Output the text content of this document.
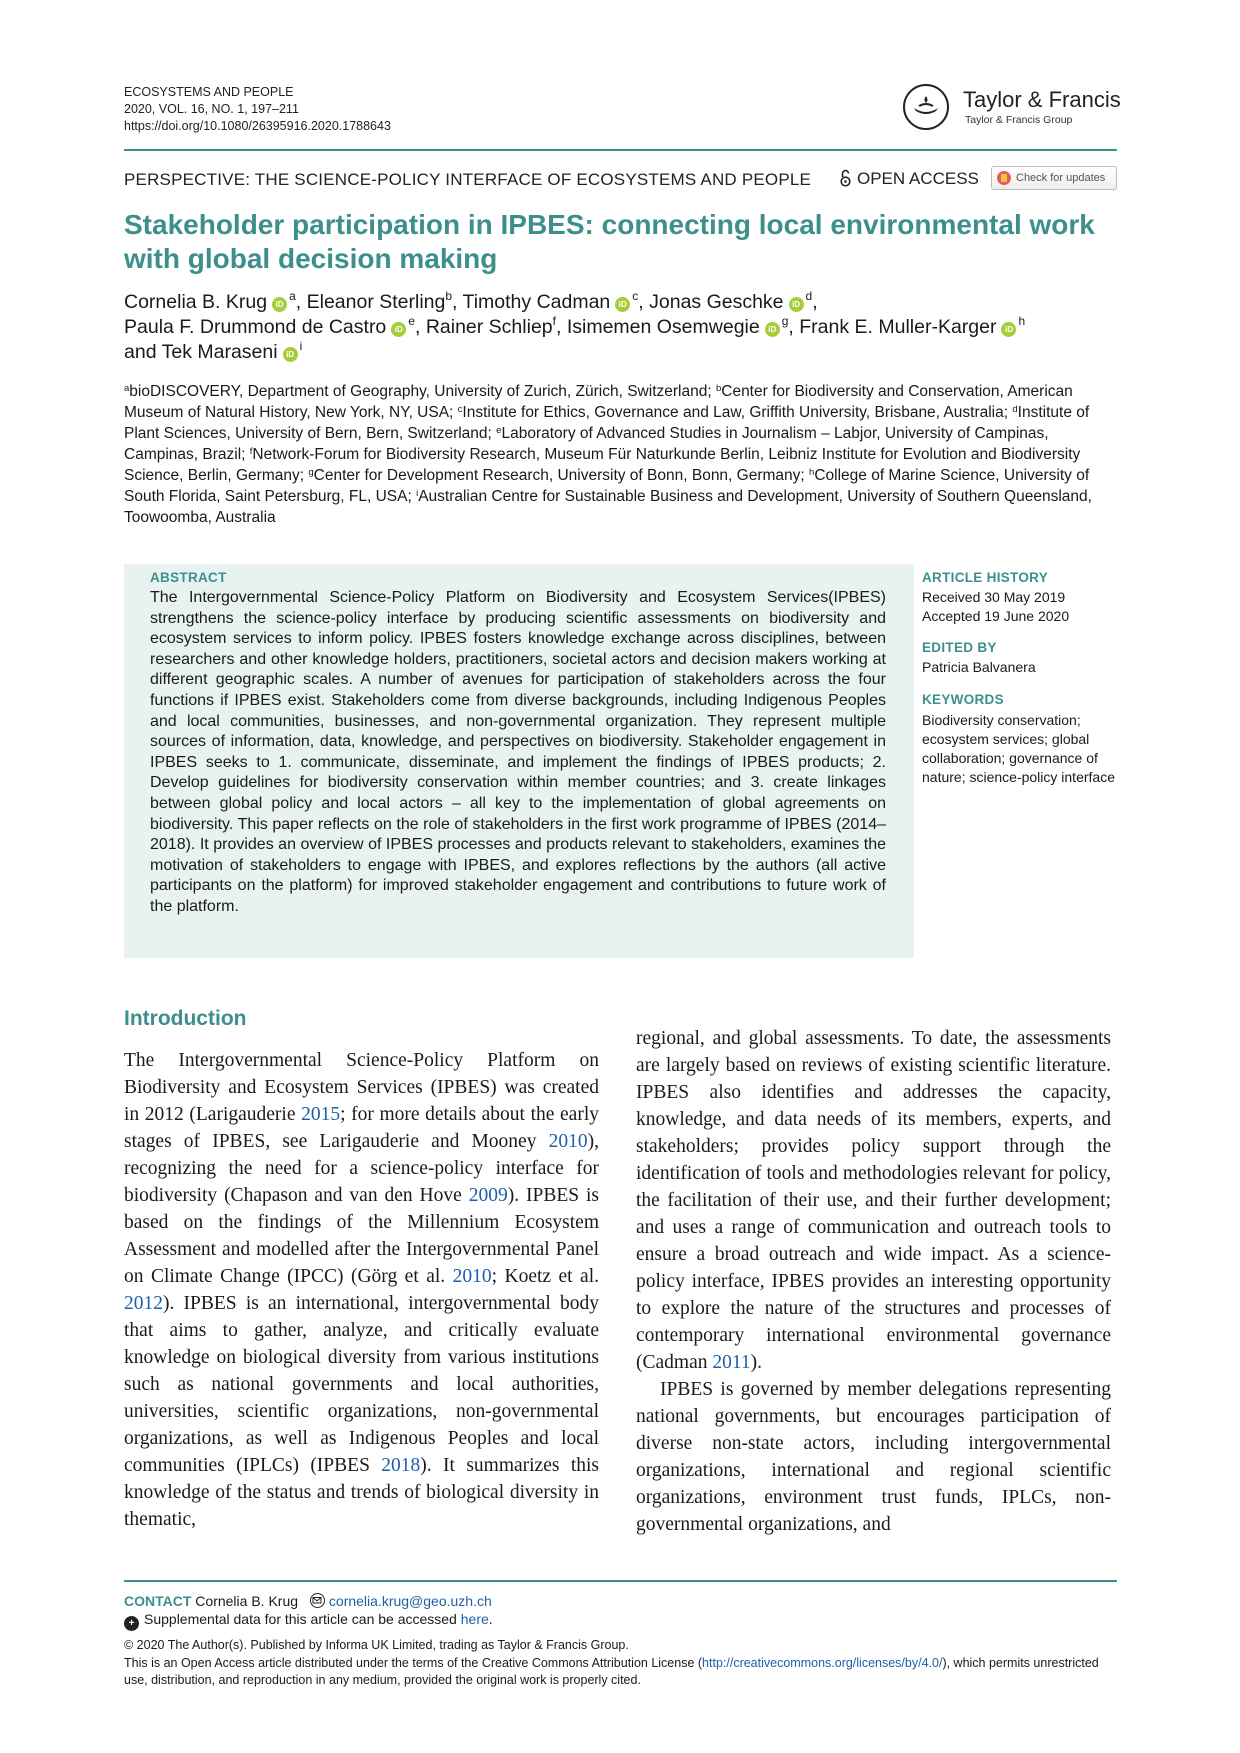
ECOSYSTEMS AND PEOPLE
2020, VOL. 16, NO. 1, 197–211
https://doi.org/10.1080/26395916.2020.1788643
Taylor & Francis
Taylor & Francis Group
PERSPECTIVE: THE SCIENCE-POLICY INTERFACE OF ECOSYSTEMS AND PEOPLE	OPEN ACCESS	Check for updates
Stakeholder participation in IPBES: connecting local environmental work with global decision making
Cornelia B. Krug $iD^a$, Eleanor Sterling$^b$, Timothy Cadman $iD^c$, Jonas Geschke $iD^d$,
Paula F. Drummond de Castro $iD^e$, Rainer Schliep$^f$, Isimemen Osemwegie $iD^g$, Frank E. Muller-Karger $iD^h$
and Tek Maraseni $iD^i$
$^a$bioDISCOVERY, Department of Geography, University of Zurich, Zürich, Switzerland; $^b$Center for Biodiversity and Conservation, American Museum of Natural History, New York, NY, USA; $^c$Institute for Ethics, Governance and Law, Griffith University, Brisbane, Australia; $^d$Institute of Plant Sciences, University of Bern, Bern, Switzerland; $^e$Laboratory of Advanced Studies in Journalism – Labjor, University of Campinas, Campinas, Brazil; $^f$Network-Forum for Biodiversity Research, Museum Für Naturkunde Berlin, Leibniz Institute for Evolution and Biodiversity Science, Berlin, Germany; $^g$Center for Development Research, University of Bonn, Bonn, Germany; $^h$College of Marine Science, University of South Florida, Saint Petersburg, FL, USA; $^i$Australian Centre for Sustainable Business and Development, University of Southern Queensland, Toowoomba, Australia
ABSTRACT
The Intergovernmental Science-Policy Platform on Biodiversity and Ecosystem Services(IPBES) strengthens the science-policy interface by producing scientific assessments on biodiversity and ecosystem services to inform policy. IPBES fosters knowledge exchange across disciplines, between researchers and other knowledge holders, practitioners, societal actors and decision makers working at different geographic scales. A number of avenues for participation of stakeholders across the four functions if IPBES exist. Stakeholders come from diverse backgrounds, including Indigenous Peoples and local communities, businesses, and non-governmental organization. They represent multiple sources of information, data, knowledge, and perspectives on biodiversity. Stakeholder engagement in IPBES seeks to 1. communicate, disseminate, and implement the findings of IPBES products; 2. Develop guidelines for biodiversity conservation within member countries; and 3. create linkages between global policy and local actors – all key to the implementation of global agreements on biodiversity. This paper reflects on the role of stakeholders in the first work programme of IPBES (2014–2018). It provides an overview of IPBES processes and products relevant to stakeholders, examines the motivation of stakeholders to engage with IPBES, and explores reflections by the authors (all active participants on the platform) for improved stakeholder engagement and contributions to future work of the platform.
ARTICLE HISTORY
Received 30 May 2019
Accepted 19 June 2020
EDITED BY
Patricia Balvanera
KEYWORDS
Biodiversity conservation; ecosystem services; global collaboration; governance of nature; science-policy interface
Introduction

The Intergovernmental Science-Policy Platform on Biodiversity and Ecosystem Services (IPBES) was created in 2012 (Larigauderie 2015; for more details about the early stages of IPBES, see Larigauderie and Mooney 2010), recognizing the need for a science-policy interface for biodiversity (Chapason and van den Hove 2009). IPBES is based on the findings of the Millennium Ecosystem Assessment and modelled after the Intergovernmental Panel on Climate Change (IPCC) (Görg et al. 2010; Koetz et al. 2012). IPBES is an international, intergovernmental body that aims to gather, analyze, and critically evaluate knowledge on biological diversity from various institutions such as national governments and local authorities, universities, scientific organizations, non-governmental organizations, as well as Indigenous Peoples and local communities (IPLCs) (IPBES 2018). It summarizes this knowledge of the status and trends of biological diversity in thematic,

regional, and global assessments. To date, the assessments are largely based on reviews of existing scientific literature. IPBES also identifies and addresses the capacity, knowledge, and data needs of its members, experts, and stakeholders; provides policy support through the identification of tools and methodologies relevant for policy, the facilitation of their use, and their further development; and uses a range of communication and outreach tools to ensure a broad outreach and wide impact. As a science-policy interface, IPBES provides an interesting opportunity to explore the nature of the structures and processes of contemporary international environmental governance (Cadman 2011).

IPBES is governed by member delegations representing national governments, but encourages participation of diverse non-state actors, including intergovernmental organizations, international and regional scientific organizations, environment trust funds, IPLCs, non-governmental organizations, and

CONTACT Cornelia B. Krug cornelia.krug@geo.uzh.ch
+ Supplemental data for this article can be accessed here.
© 2020 The Author(s). Published by Informa UK Limited, trading as Taylor & Francis Group.
This is an Open Access article distributed under the terms of the Creative Commons Attribution License (http://creativecommons.org/licenses/by/4.0/), which permits unrestricted use, distribution, and reproduction in any medium, provided the original work is properly cited.
